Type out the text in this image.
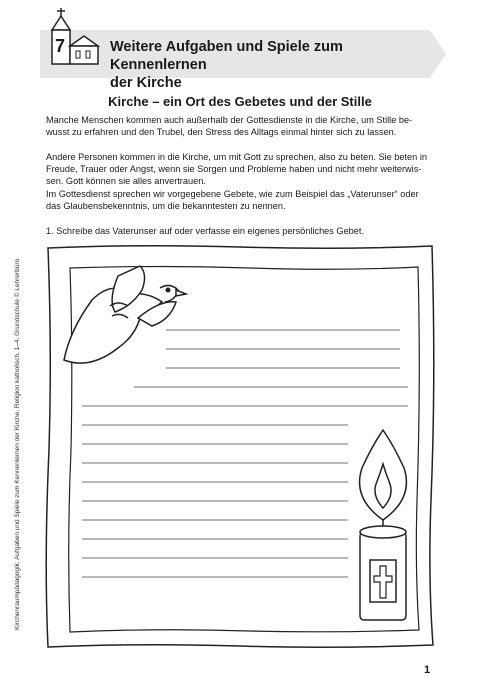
7	Weitere Aufgaben und Spiele zum Kennenlernen
der Kirche
Kirche – ein Ort des Gebetes und der Stille
Manche Menschen kommen auch außerhalb der Gottesdienste in die Kirche, um Stille be-
wusst zu erfahren und den Trubel, den Stress des Alltags einmal hinter sich zu lassen.
Andere Personen kommen in die Kirche, um mit Gott zu sprechen, also zu beten. Sie beten in
Freude, Trauer oder Angst, wenn sie Sorgen und Probleme haben und nicht mehr weiterwis-
sen. Gott können sie alles anvertrauen.
Im Gottesdienst sprechen wir vorgegebene Gebete, wie zum Beispiel das „Vaterunser“ oder
das Glaubensbekenntnis, um die bekanntesten zu nennen.
1. Schreibe das Vaterunser auf oder verfasse ein eigenes persönliches Gebet.
Kirchenraumpädagogik: Aufgaben und Spiele zum Kennenlernen der Kirche, Religion katholisch, 1–4. Grundschule © Lehrerbüro
1
